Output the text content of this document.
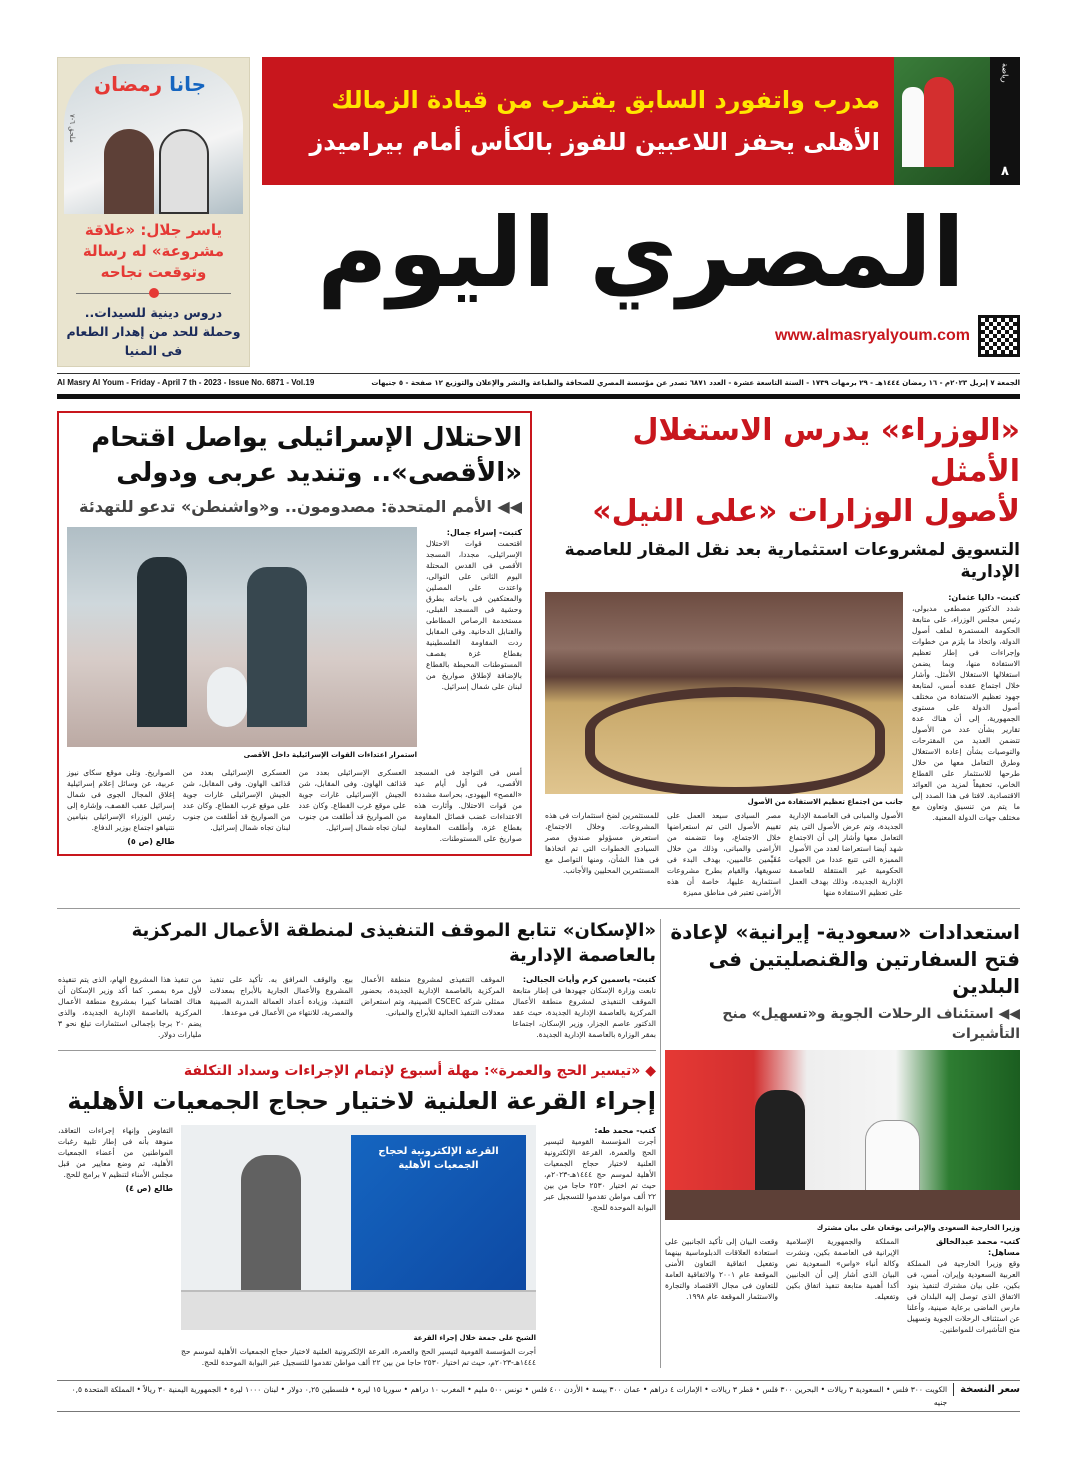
رياضة
٨
مدرب واتفورد السابق يقترب من قيادة الزمالك
الأهلى يحفز اللاعبين للفوز بالكأس أمام بيراميدز
المصري اليوم
www.almasryalyoum.com
جانا رمضان
ملحق ٦-٧
ياسر جلال: «علاقة مشروعة» له رسالة وتوقعت نجاحه
دروس دينية للسيدات.. وحملة للحد من إهدار الطعام فى المنيا
الجمعة ٧ إبريل ٢٠٢٣م - ١٦ رمضان ١٤٤٤هـ - ٢٩ برمهات ١٧٣٩ - السنة التاسعة عشرة - العدد ٦٨٧١ تصدر عن مؤسسة المصري للصحافة والطباعة والنشر والإعلان والتوزيع ١٢ صفحة - ٥ جنيهات
Al Masry Al Youm - Friday - April 7 th - 2023 - Issue No. 6871 - Vol.19
«الوزراء» يدرس الاستغلال الأمثل
لأصول الوزارات «على النيل»
التسويق لمشروعات استثمارية بعد نقل المقار للعاصمة الإدارية
كتبت- داليا عثمان:
شدد الدكتور مصطفى مدبولى، رئيس مجلس الوزراء، على متابعة الحكومة المستمرة لملف أصول الدولة، واتخاذ ما يلزم من خطوات وإجراءات فى إطار تعظيم الاستفادة منها، وبما يضمن استغلالها الاستغلال الأمثل. وأشار خلال اجتماع عقده أمس، لمتابعة جهود تعظيم الاستفادة من مختلف أصول الدولة على مستوى الجمهورية، إلى أن هناك عدة تقارير بشأن عدد من الأصول تتضمن العديد من المقترحات والتوصيات بشأن إعادة الاستغلال وطرق التعامل معها من خلال طرحها للاستثمار على القطاع الخاص، تحقيقاً لمزيد من العوائد الاقتصادية. لافتا فى هذا الصدد إلى ما يتم من تنسيق وتعاون مع مختلف جهات الدولة المعنية.
جانب من اجتماع تعظيم الاستفادة من الأصول
الأصول والمبانى فى العاصمة الإدارية الجديدة، وتم عرض الأصول التى يتم التعامل معها وأشار إلى أن الاجتماع شهد أيضا استعراضا لعدد من الأصول المميزة التى تتبع عددا من الجهات الحكومية غير المنتقلة للعاصمة الإدارية الجديدة، وذلك بهدف العمل على تعظيم الاستفادة منها
مصر السيادى سيعد العمل على تقييم الأصول التى تم استعراضها خلال الاجتماع، وما تتضمنه من الأراضى والمبانى، وذلك من خلال مُقَيِّمين عالميين، بهدف البدء فى تسويقها، والقيام بطرح مشروعات استثمارية عليها، خاصة أن هذه الأراضى تعتبر فى مناطق مميزة
للمستثمرين لضخ استثمارات فى هذه المشروعات. وخلال الاجتماع، استعرض مسؤولو صندوق مصر السيادى الخطوات التى تم اتخاذها فى هذا الشأن، ومنها التواصل مع المستثمرين المحليين والأجانب.
الاحتلال الإسرائيلى يواصل اقتحام
«الأقصى».. وتنديد عربى ودولى
◀◀ الأمم المتحدة: مصدومون.. و«واشنطن» تدعو للتهدئة
كتبت- إسراء جمال:
اقتحمت قوات الاحتلال الإسرائيلى، مجددا، المسجد الأقصى فى القدس المحتلة اليوم الثانى على التوالى، واعتدت على المصلين والمعتكفين فى باحاته بطرق وحشية فى المسجد القبلى، مستخدمة الرصاص المطاطى والقنابل الدخانية. وفى المقابل ردت المقاومة الفلسطينية بقطاع غزة بقصف المستوطنات المحيطة بالقطاع بالإضافة لإطلاق صواريخ من لبنان على شمال إسرائيل.
استمرار اعتداءات القوات الإسرائيلية داخل الأقصى
أمس فى التواجد فى المسجد الأقصى، فى أول أيام عيد «الفصح» اليهودى، بحراسة مشددة من قوات الاحتلال. وأثارت هذه الاعتداءات غضب فصائل المقاومة بقطاع غزة، وأطلقت المقاومة صواريخ على المستوطنات.
العسكرى الإسرائيلى بعدد من قذائف الهاون. وفى المقابل، شن الجيش الإسرائيلى غارات جوية على موقع غرب القطاع. وكان عدد من الصواريخ قد أطلقت من جنوب لبنان تجاه شمال إسرائيل.
العسكرى الإسرائيلى بعدد من قذائف الهاون. وفى المقابل، شن الجيش الإسرائيلى غارات جوية على موقع غرب القطاع. وكان عدد من الصواريخ قد أطلقت من جنوب لبنان تجاه شمال إسرائيل.
الصواريخ. وتلى موقع سكاى نيوز عربية، عن وسائل إعلام إسرائيلية إغلاق المجال الجوى فى شمال إسرائيل عقب القصف، وإشارة إلى رئيس الوزراء الإسرائيلى بنيامين نتنياهو اجتماع بوزير الدفاع.
طالع (ص ٥)
استعدادات «سعودية- إيرانية» لإعادة
فتح السفارتين والقنصليتين فى البلدين
◀◀ استئناف الرحلات الجوية و«تسهيل» منح التأشيرات
وزيرا الخارجية السعودى والإيرانى يوقعان على بيان مشترك
كتب- محمد عبدالخالق مساهل:
وقع وزيرا الخارجية فى المملكة العربية السعودية وإيران، أمس، فى بكين، على بيان مشترك لتنفيذ بنود الاتفاق الذى توصل إليه البلدان فى مارس الماضى برعاية صينية، وأعلنا عن استئناف الرحلات الجوية وتسهيل منح التأشيرات للمواطنين.
المملكة والجمهورية الإسلامية الإيرانية فى العاصمة بكين، ونشرت وكالة أنباء «واس» السعودية نص البيان الذى أشار إلى أن الجانبين أكدا أهمية متابعة تنفيذ اتفاق بكين وتفعيله.
وقعت البيان إلى تأكيد الجانبين على استعادة العلاقات الدبلوماسية بينهما وتفعيل اتفاقية التعاون الأمنى الموقعة عام ٢٠٠١ والاتفاقية العامة للتعاون فى مجال الاقتصاد والتجارة والاستثمار الموقعة عام ١٩٩٨.
«الإسكان» تتابع الموقف التنفيذى لمنطقة الأعمال المركزية بالعاصمة الإدارية
كتبت- ياسمين كرم وأيات الجبالى:
تابعت وزارة الإسكان جهودها فى إطار متابعة الموقف التنفيذى لمشروع منطقة الأعمال المركزية بالعاصمة الإدارية الجديدة، حيث عقد الدكتور عاصم الجزار، وزير الإسكان، اجتماعا بمقر الوزارة بالعاصمة الإدارية الجديدة.
الموقف التنفيذى لمشروع منطقة الأعمال المركزية بالعاصمة الإدارية الجديدة، بحضور ممثلى شركة CSCEC الصينية، وتم استعراض معدلات التنفيذ الحالية للأبراج والمبانى.
بيع. والوقف المرافق به. تأكيد على تنفيذ المشروع والأعمال الجارية بالأبراج بمعدلات التنفيذ، وزيادة أعداد العمالة المدربة الصينية والمصرية، للانتهاء من الأعمال فى موعدها.
من تنفيذ هذا المشروع الهام، الذى يتم تنفيذه لأول مرة بمصر. كما أكد وزير الإسكان أن هناك اهتماما كبيرا بمشروع منطقة الأعمال المركزية بالعاصمة الإدارية الجديدة، والذى يضم ٢٠ برجا بإجمالى استثمارات تبلغ نحو ٣ مليارات دولار.
◆ «تيسير الحج والعمرة»: مهلة أسبوع لإتمام الإجراءات وسداد التكلفة
إجراء القرعة العلنية لاختيار حجاج الجمعيات الأهلية
كتب- محمد طه:
أجرت المؤسسة القومية لتيسير الحج والعمرة، القرعة الإلكترونية العلنية لاختيار حجاج الجمعيات الأهلية لموسم حج ١٤٤٤هـ-٢٠٢٣م، حيث تم اختيار ٢٥٣٠ حاجا من بين ٢٢ ألف مواطن تقدموا للتسجيل عبر البوابة الموحدة للحج.
القرعة الإلكترونية لحجاج الجمعيات الأهلية
الشيخ على جمعة خلال إجراء القرعة
أجرت المؤسسة القومية لتيسير الحج والعمرة، القرعة الإلكترونية العلنية لاختيار حجاج الجمعيات الأهلية لموسم حج ١٤٤٤هـ-٢٠٢٣م، حيث تم اختيار ٢٥٣٠ حاجا من بين ٢٢ ألف مواطن تقدموا للتسجيل عبر البوابة الموحدة للحج.
التفاوض وإنهاء إجراءات التعاقد، منوهة بأنه فى إطار تلبية رغبات المواطنين من أعضاء الجمعيات الأهلية، تم وضع معايير من قبل مجلس الأمناء لتنظيم ٧ برامج للحج.
طالع (ص ٤)
سعر النسخة
الكويت ٣٠٠ فلس • السعودية ٣ ريالات • البحرين ٣٠٠ فلس • قطر ٣ ريالات • الإمارات ٤ دراهم • عمان ٣٠٠ بيسة • الأردن ٤٠٠ فلس • تونس ٥٠٠ مليم • المغرب ١٠ دراهم • سوريا ١٥ ليرة • فلسطين ٠,٢٥ دولار • لبنان ١٠٠٠ ليرة • الجمهورية اليمنية ٣٠ ريالاً • المملكة المتحدة ٠,٥ جنيه
